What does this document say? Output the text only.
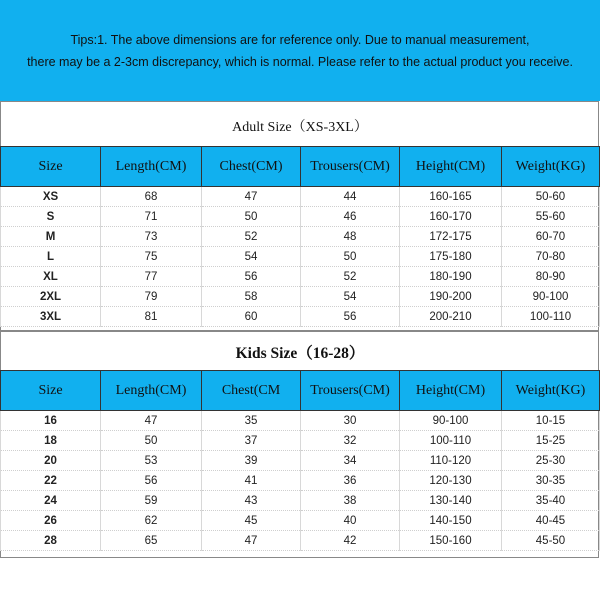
Tips:1. The above dimensions are for reference only. Due to manual measurement,
there may be a 2-3cm discrepancy, which is normal. Please refer to the actual product you receive.
Adult Size（XS-3XL）
Size	Length(CM)	Chest(CM)	Trousers(CM)	Height(CM)	Weight(KG)
XS	68	47	44	160-165	50-60
S	71	50	46	160-170	55-60
M	73	52	48	172-175	60-70
L	75	54	50	175-180	70-80
XL	77	56	52	180-190	80-90
2XL	79	58	54	190-200	90-100
3XL	81	60	56	200-210	100-110
Kids Size（16-28）
Size	Length(CM)	Chest(CM	Trousers(CM)	Height(CM)	Weight(KG)
16	47	35	30	90-100	10-15
18	50	37	32	100-110	15-25
20	53	39	34	110-120	25-30
22	56	41	36	120-130	30-35
24	59	43	38	130-140	35-40
26	62	45	40	140-150	40-45
28	65	47	42	150-160	45-50
